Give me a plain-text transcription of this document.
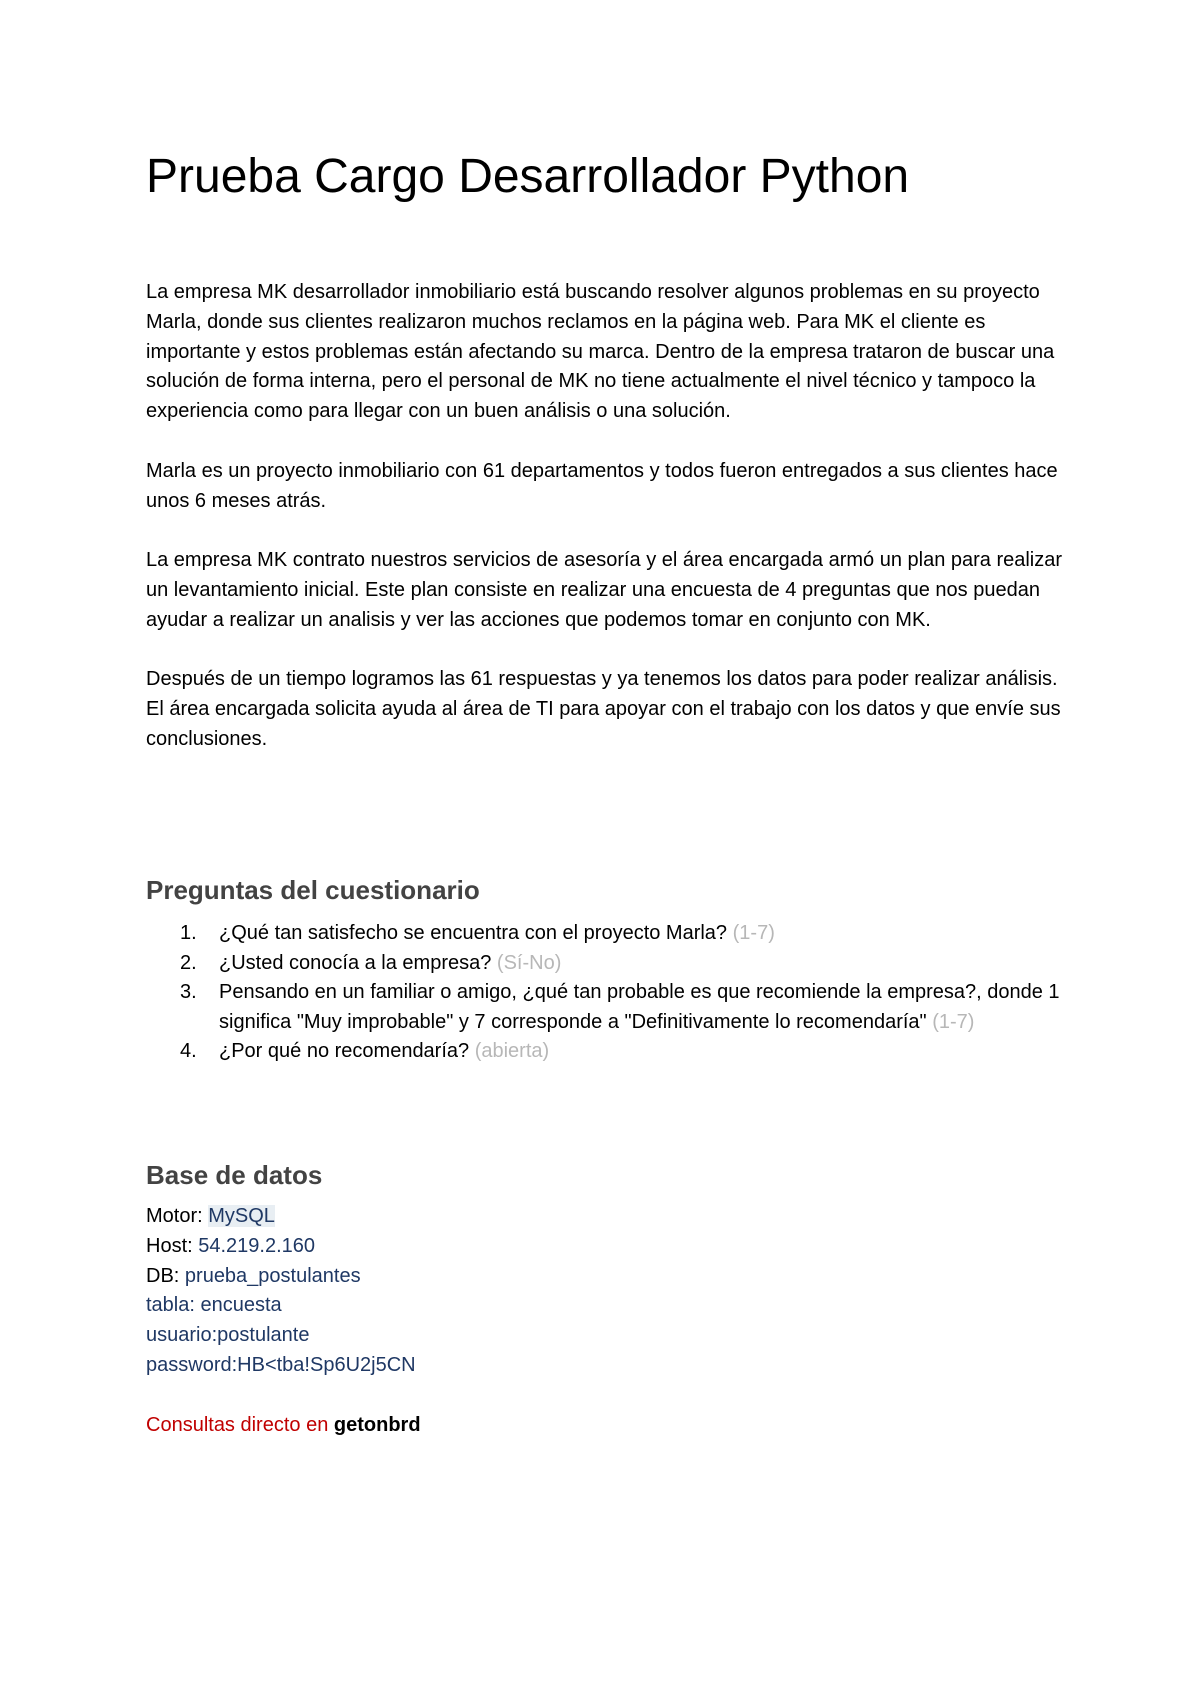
Prueba Cargo Desarrollador Python

La empresa MK desarrollador inmobiliario está buscando resolver algunos problemas en su proyecto Marla, donde sus clientes realizaron muchos reclamos en la página web. Para MK el cliente es importante y estos problemas están afectando su marca. Dentro de la empresa trataron de buscar una solución de forma interna, pero el personal de MK no tiene actualmente el nivel técnico y tampoco la experiencia como para llegar con un buen análisis o una solución.

Marla es un proyecto inmobiliario con 61 departamentos y todos fueron entregados a sus clientes hace unos 6 meses atrás.

La empresa MK contrato nuestros servicios de asesoría y el área encargada armó un plan para realizar un levantamiento inicial. Este plan consiste en realizar una encuesta de 4 preguntas que nos puedan ayudar a realizar un analisis y ver las acciones que podemos tomar en conjunto con MK.

Después de un tiempo logramos las 61 respuestas y ya tenemos los datos para poder realizar análisis. El área encargada solicita ayuda al área de TI para apoyar con el trabajo con los datos y que envíe sus conclusiones.

Preguntas del cuestionario
1. ¿Qué tan satisfecho se encuentra con el proyecto Marla? (1-7)
2. ¿Usted conocía a la empresa? (Sí-No)
3. Pensando en un familiar o amigo, ¿qué tan probable es que recomiende la empresa?, donde 1 significa "Muy improbable" y 7 corresponde a "Definitivamente lo recomendaría" (1-7)
4. ¿Por qué no recomendaría? (abierta)
Base de datos
Motor: MySQL
Host: 54.219.2.160
DB: prueba_postulantes
tabla: encuesta
usuario:postulante
password:HB<tba!Sp6U2j5CN
Consultas directo en getonbrd
